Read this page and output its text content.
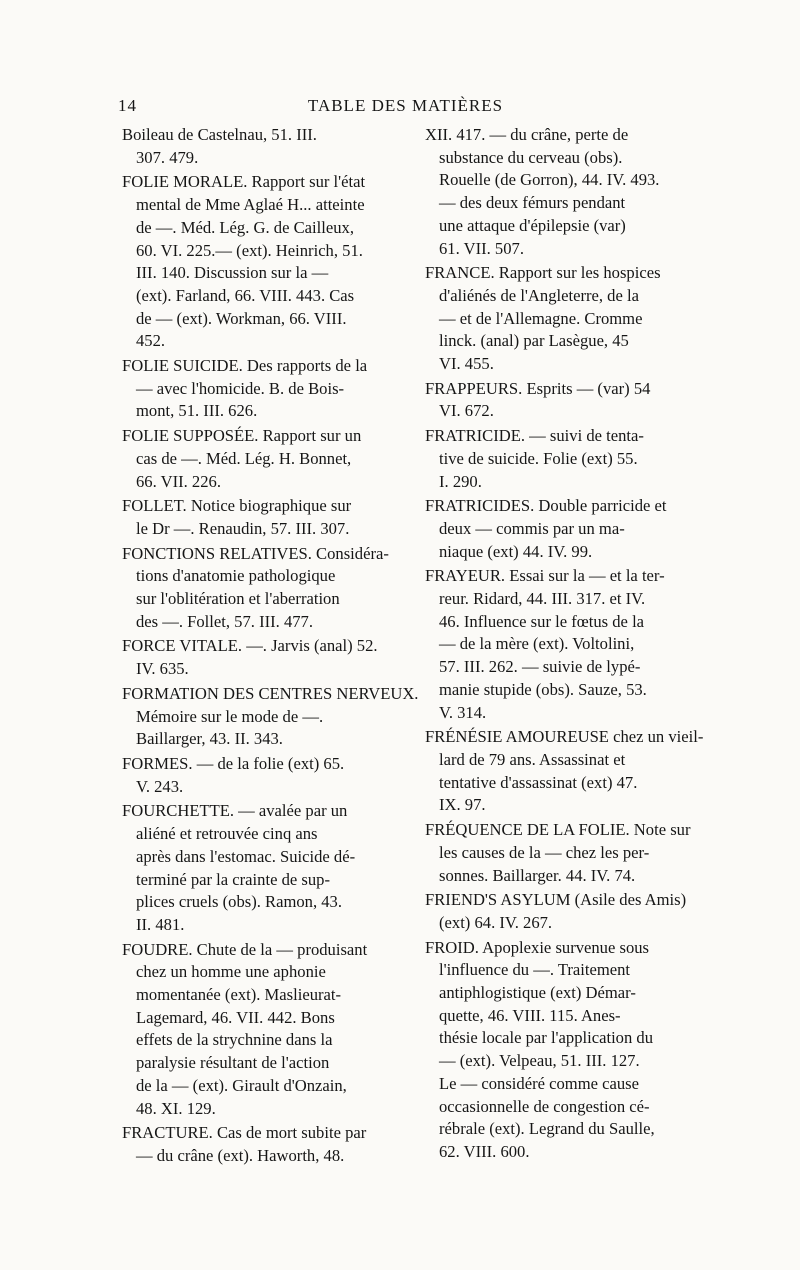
14	TABLE DES MATIÈRES
Boileau de Castelnau, 51. III.
307. 479.
FOLIE MORALE. Rapport sur l'état
mental de Mme Aglaé H... atteinte
de —. Méd. Lég. G. de Cailleux,
60. VI. 225.— (ext). Heinrich, 51.
III. 140. Discussion sur la —
(ext). Farland, 66. VIII. 443. Cas
de — (ext). Workman, 66. VIII.
452.
FOLIE SUICIDE. Des rapports de la
— avec l'homicide. B. de Bois-
mont, 51. III. 626.
FOLIE SUPPOSÉE. Rapport sur un
cas de —. Méd. Lég. H. Bonnet,
66. VII. 226.
FOLLET. Notice biographique sur
le Dr —. Renaudin, 57. III. 307.
FONCTIONS RELATIVES. Considéra-
tions d'anatomie pathologique
sur l'oblitération et l'aberration
des —. Follet, 57. III. 477.
FORCE VITALE. —. Jarvis (anal) 52.
IV. 635.
FORMATION DES CENTRES NERVEUX.
Mémoire sur le mode de —.
Baillarger, 43. II. 343.
FORMES. — de la folie (ext) 65.
V. 243.
FOURCHETTE. — avalée par un
aliéné et retrouvée cinq ans
après dans l'estomac. Suicide dé-
terminé par la crainte de sup-
plices cruels (obs). Ramon, 43.
II. 481.
FOUDRE. Chute de la — produisant
chez un homme une aphonie
momentanée (ext). Maslieurat-
Lagemard, 46. VII. 442. Bons
effets de la strychnine dans la
paralysie résultant de l'action
de la — (ext). Girault d'Onzain,
48. XI. 129.
FRACTURE. Cas de mort subite par
— du crâne (ext). Haworth, 48.
XII. 417. — du crâne, perte de
substance du cerveau (obs).
Rouelle (de Gorron), 44. IV. 493.
— des deux fémurs pendant
une attaque d'épilepsie (var)
61. VII. 507.
FRANCE. Rapport sur les hospices
d'aliénés de l'Angleterre, de la
— et de l'Allemagne. Cromme
linck. (anal) par Lasègue, 45
VI. 455.
FRAPPEURS. Esprits — (var) 54
VI. 672.
FRATRICIDE. — suivi de tenta-
tive de suicide. Folie (ext) 55.
I. 290.
FRATRICIDES. Double parricide et
deux — commis par un ma-
niaque (ext) 44. IV. 99.
FRAYEUR. Essai sur la — et la ter-
reur. Ridard, 44. III. 317. et IV.
46. Influence sur le fœtus de la
— de la mère (ext). Voltolini,
57. III. 262. — suivie de lypé-
manie stupide (obs). Sauze, 53.
V. 314.
FRÉNÉSIE AMOUREUSE chez un vieil-
lard de 79 ans. Assassinat et
tentative d'assassinat (ext) 47.
IX. 97.
FRÉQUENCE DE LA FOLIE. Note sur
les causes de la — chez les per-
sonnes. Baillarger. 44. IV. 74.
FRIEND'S ASYLUM (Asile des Amis)
(ext) 64. IV. 267.
FROID. Apoplexie survenue sous
l'influence du —. Traitement
antiphlogistique (ext) Démar-
quette, 46. VIII. 115. Anes-
thésie locale par l'application du
— (ext). Velpeau, 51. III. 127.
Le — considéré comme cause
occasionnelle de congestion cé-
rébrale (ext). Legrand du Saulle,
62. VIII. 600.
